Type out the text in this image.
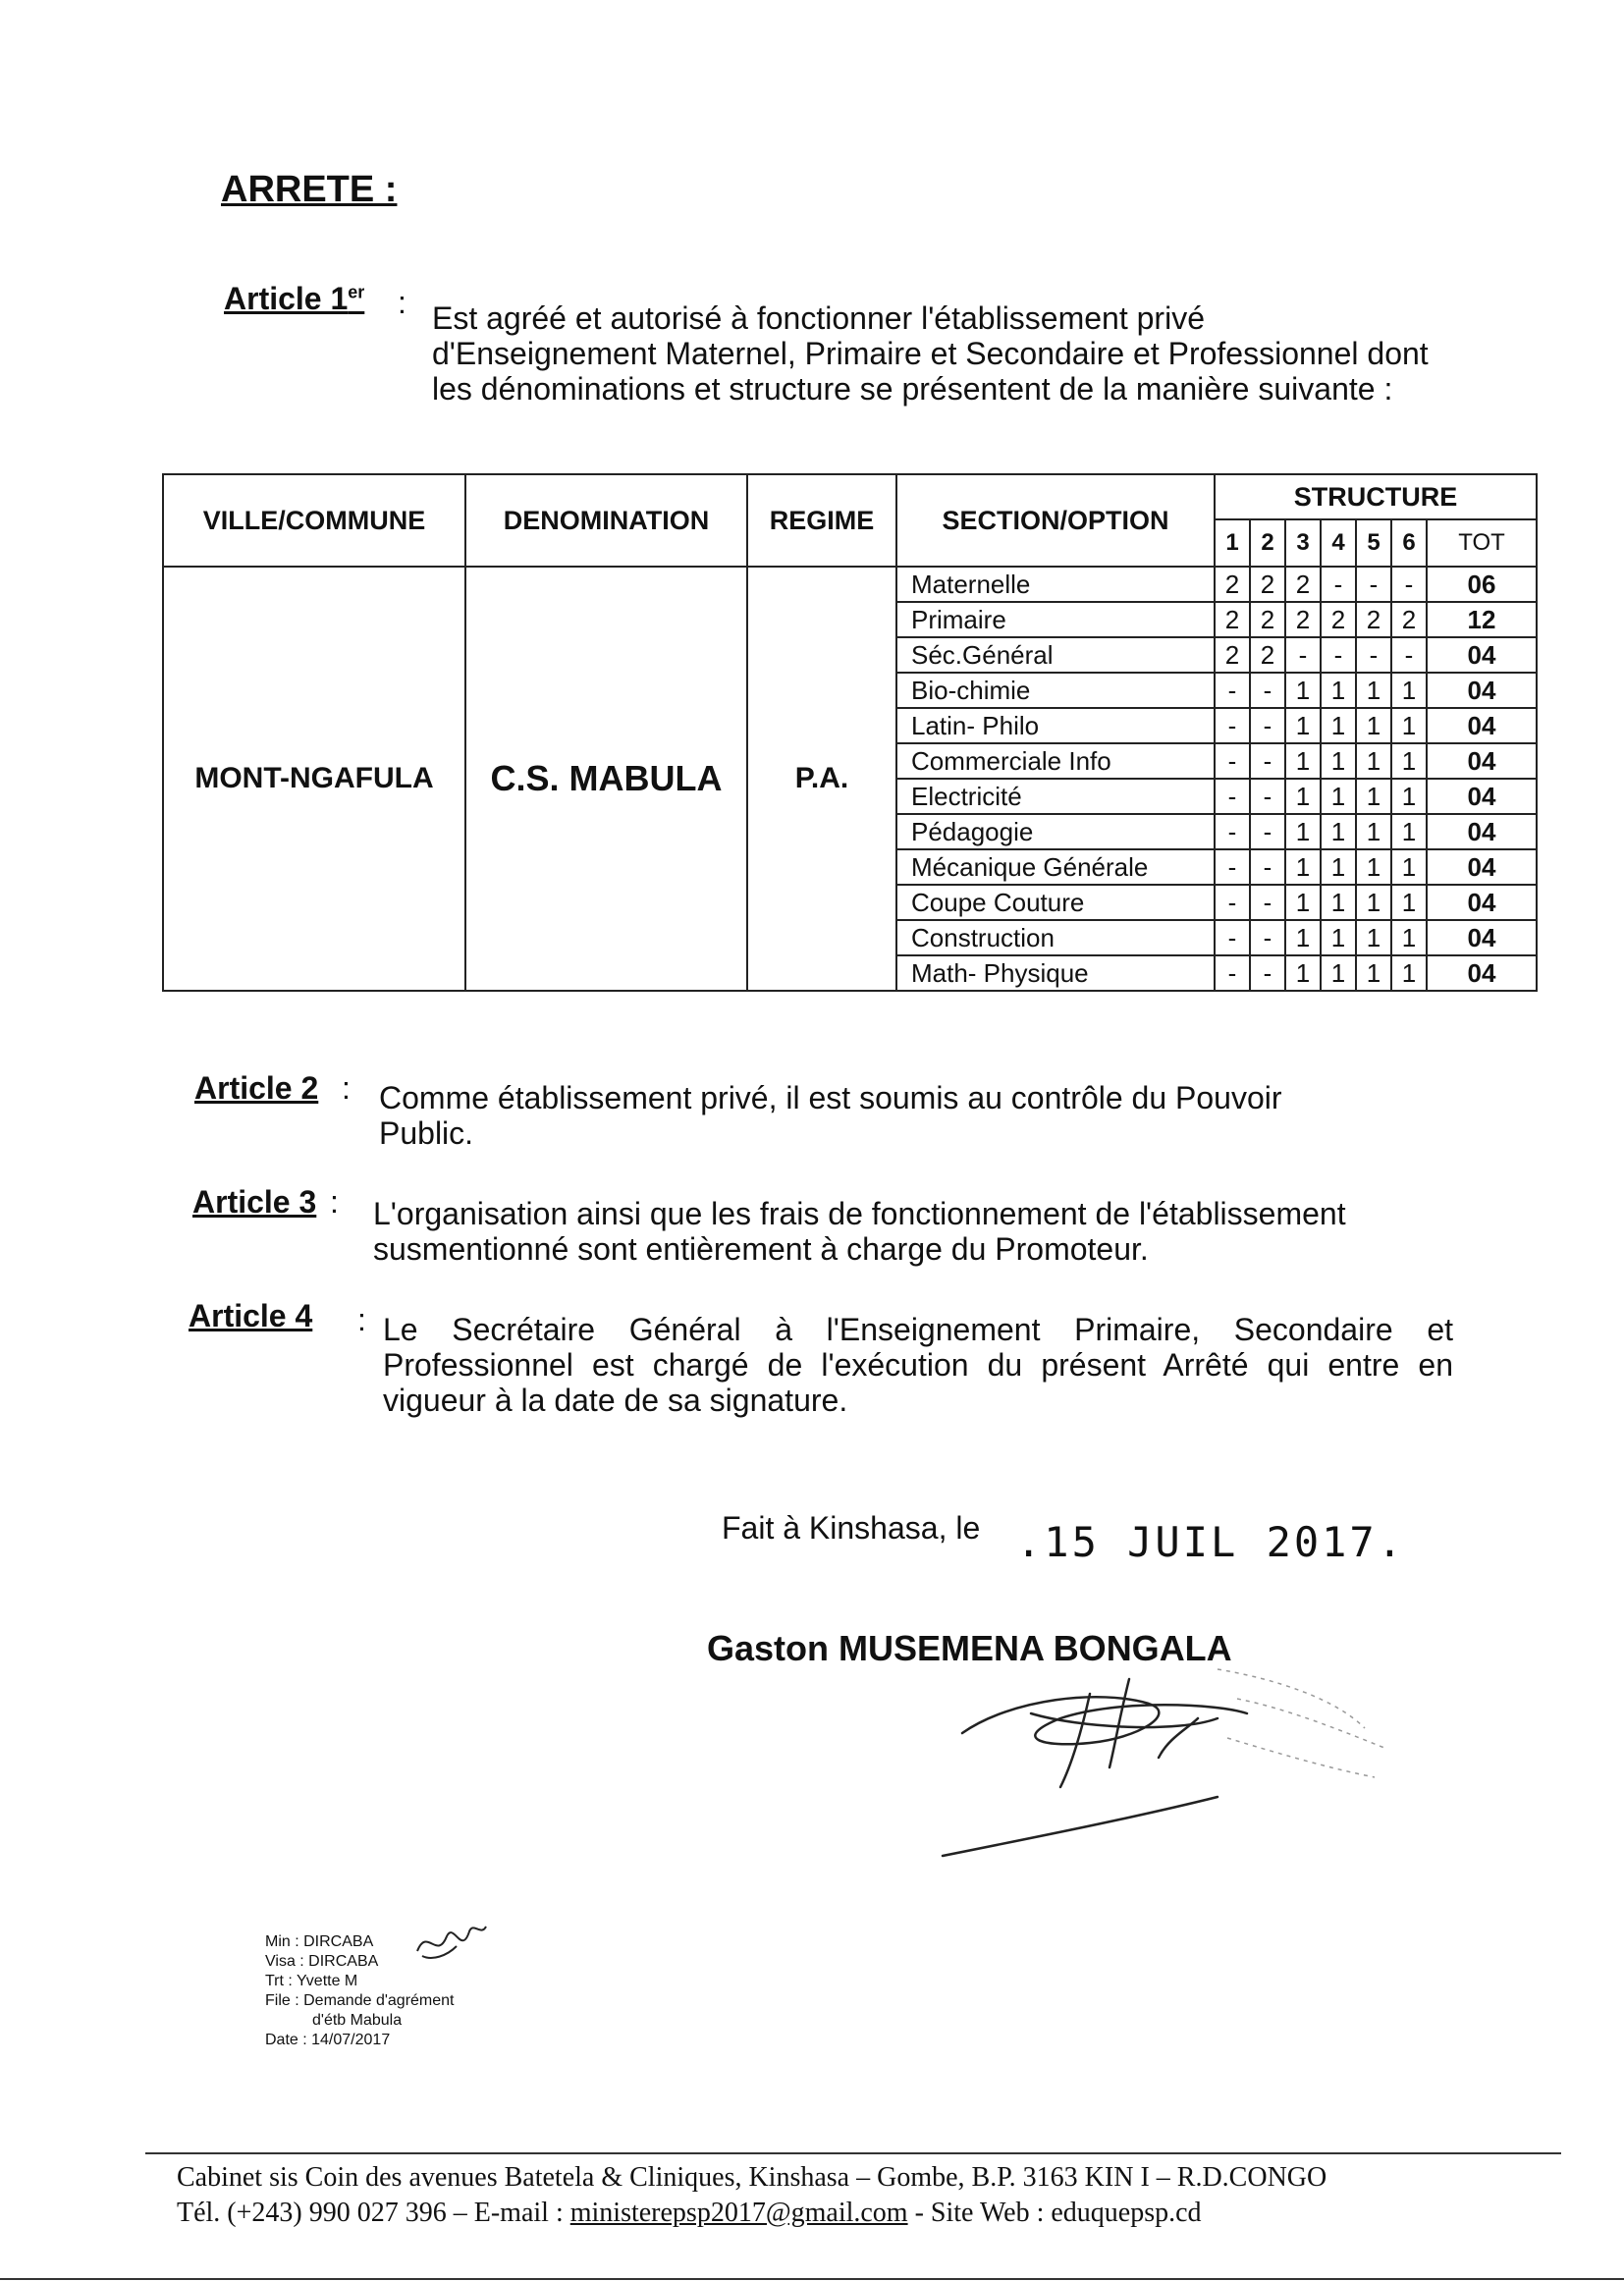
ARRETE :
Article 1er : Est agréé et autorisé à fonctionner l'établissement privé d'Enseignement Maternel, Primaire et Secondaire et Professionnel dont les dénominations et structure se présentent de la manière suivante :
VILLE/COMMUNE	DENOMINATION	REGIME	SECTION/OPTION	STRUCTURE						
				1	2	3	4	5	6	TOT
MONT-NGAFULA	C.S. MABULA	P.A.	Maternelle	2	2	2	-	-	-	06
			Primaire	2	2	2	2	2	2	12
			Séc.Général	2	2	-	-	-	-	04
			Bio-chimie	-	-	1	1	1	1	04
			Latin- Philo	-	-	1	1	1	1	04
			Commerciale Info	-	-	1	1	1	1	04
			Electricité	-	-	1	1	1	1	04
			Pédagogie	-	-	1	1	1	1	04
			Mécanique Générale	-	-	1	1	1	1	04
			Coupe Couture	-	-	1	1	1	1	04
			Construction	-	-	1	1	1	1	04
			Math- Physique	-	-	1	1	1	1	04
Article 2 : Comme établissement privé, il est soumis au contrôle du Pouvoir Public.
Article 3 : L'organisation ainsi que les frais de fonctionnement de l'établissement susmentionné sont entièrement à charge du Promoteur.
Article 4 : Le Secrétaire Général à l'Enseignement Primaire, Secondaire et Professionnel est chargé de l'exécution du présent Arrêté qui entre en vigueur à la date de sa signature.
Fait à Kinshasa, le .15 JUIL 2017.
Gaston MUSEMENA BONGALA
Min : DIRCABA
Visa : DIRCABA
Trt : Yvette M
File : Demande d'agrément
d'étb Mabula
Date : 14/07/2017
Cabinet sis Coin des avenues Batetela & Cliniques, Kinshasa – Gombe, B.P. 3163 KIN I – R.D.CONGO
Tél. (+243) 990 027 396 – E-mail : ministerepsp2017@gmail.com - Site Web : eduquepsp.cd
